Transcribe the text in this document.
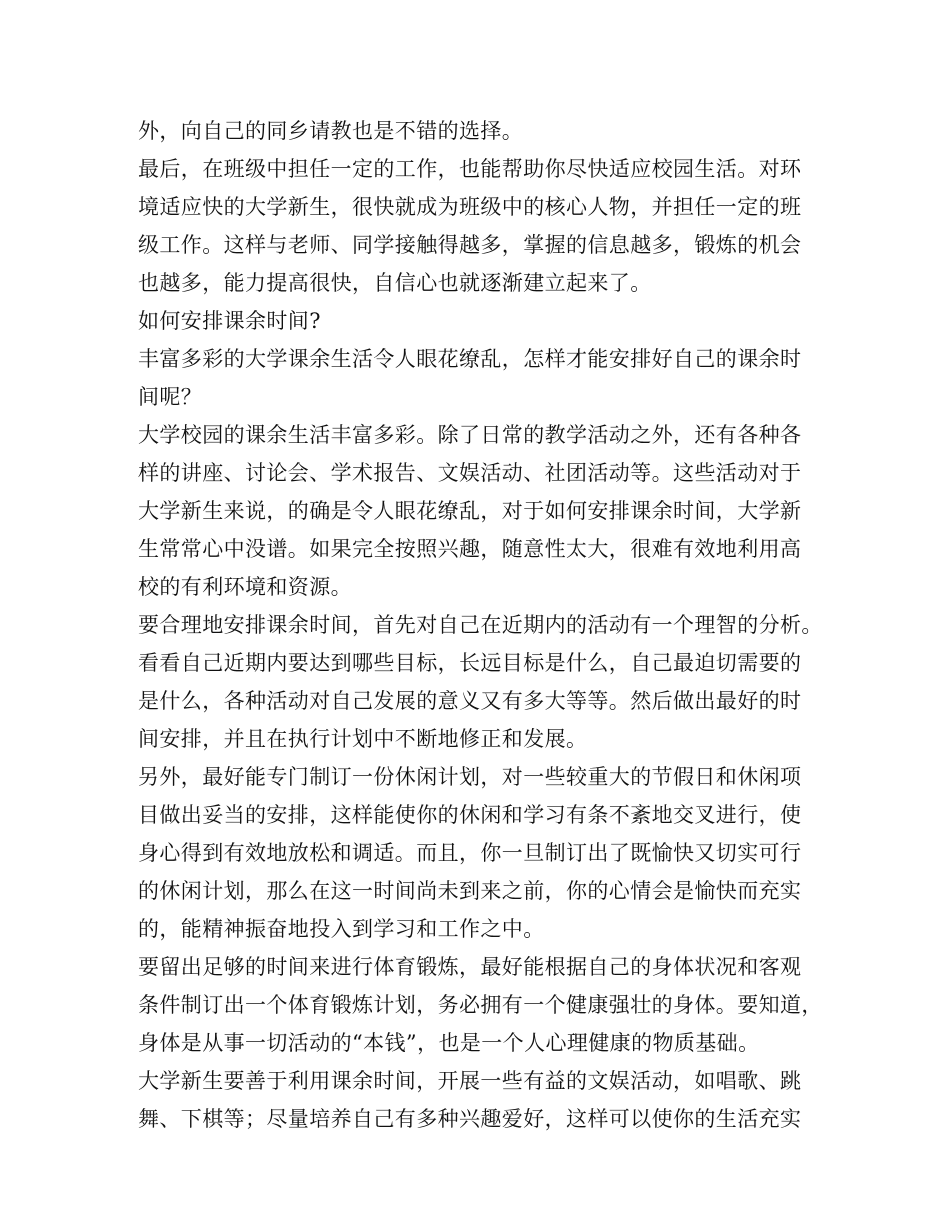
外，向自己的同乡请教也是不错的选择。
最后，在班级中担任一定的工作，也能帮助你尽快适应校园生活。对环
境适应快的大学新生，很快就成为班级中的核心人物，并担任一定的班
级工作。这样与老师、同学接触得越多，掌握的信息越多，锻炼的机会
也越多，能力提高很快，自信心也就逐渐建立起来了。
如何安排课余时间?
丰富多彩的大学课余生活令人眼花缭乱，怎样才能安排好自己的课余时
间呢？
大学校园的课余生活丰富多彩。除了日常的教学活动之外，还有各种各
样的讲座、讨论会、学术报告、文娱活动、社团活动等。这些活动对于
大学新生来说，的确是令人眼花缭乱，对于如何安排课余时间，大学新
生常常心中没谱。如果完全按照兴趣，随意性太大，很难有效地利用高
校的有利环境和资源。
要合理地安排课余时间，首先对自己在近期内的活动有一个理智的分析。
看看自己近期内要达到哪些目标，长远目标是什么，自己最迫切需要的
是什么，各种活动对自己发展的意义又有多大等等。然后做出最好的时
间安排，并且在执行计划中不断地修正和发展。
另外，最好能专门制订一份休闲计划，对一些较重大的节假日和休闲项
目做出妥当的安排，这样能使你的休闲和学习有条不紊地交叉进行，使
身心得到有效地放松和调适。而且，你一旦制订出了既愉快又切实可行
的休闲计划，那么在这一时间尚未到来之前，你的心情会是愉快而充实
的，能精神振奋地投入到学习和工作之中。
要留出足够的时间来进行体育锻炼，最好能根据自己的身体状况和客观
条件制订出一个体育锻炼计划，务必拥有一个健康强壮的身体。要知道，
身体是从事一切活动的“本钱”，也是一个人心理健康的物质基础。
大学新生要善于利用课余时间，开展一些有益的文娱活动，如唱歌、跳
舞、下棋等；尽量培养自己有多种兴趣爱好，这样可以使你的生活充实
